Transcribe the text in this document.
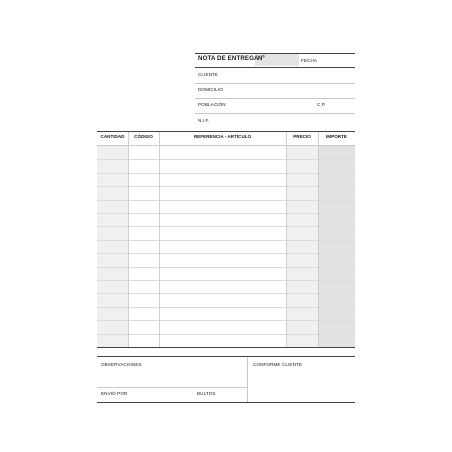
Nº
NOTA DE ENTREGA	FECHA
CLIENTE
DOMICILIO
POBLACIÓN	C.P.
N.I.F.
CANTIDAD	CÓDIGO	REFERENCIA - ARTÍCULO	PRECIO	IMPORTE
OBSERVACIONES	CONFORME CLIENTE
ENVIÓ POR	BULTOS
